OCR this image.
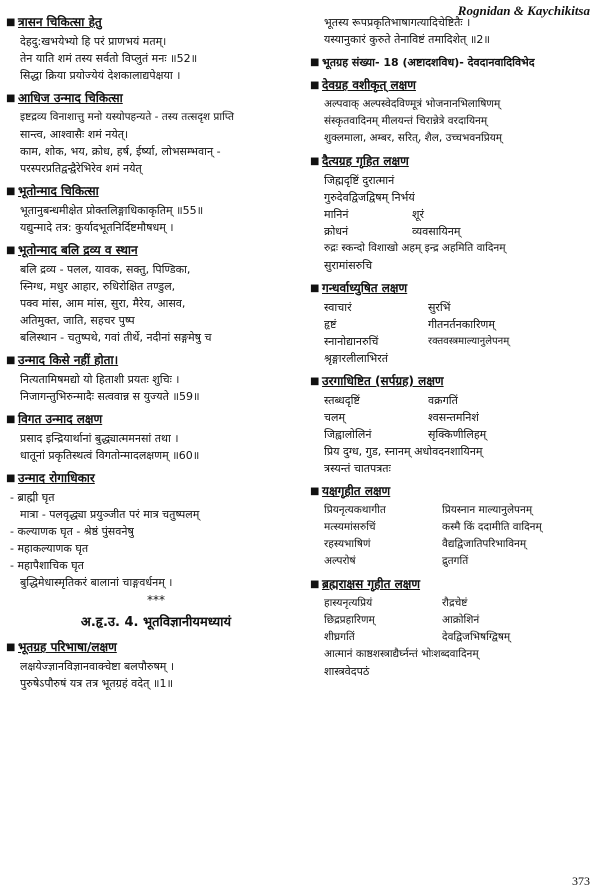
Rognidan & Kaychikitsa
■ त्रासन चिकित्सा हेतु
देहदु:खभयेभ्यो हि परं प्राणभयं मतम्।
तेन याति शमं तस्य सर्वतो विप्लुतं मनः ॥52॥
सिद्धा क्रिया प्रयोज्येयं देशकालाद्यपेक्षया ।
■ आधिज उन्माद चिकित्सा
इष्टद्रव्य विनाशात्तु मनो यस्योपहन्यते - तस्य तत्सदृश प्राप्ति
सान्त्व, आश्वासैः शमं नयेत्।
काम, शोक, भय, क्रोध, हर्ष, ईर्ष्या, लोभसम्भवान् -
परस्परप्रतिद्वन्द्वैरेभिरेव शमं नयेत्
■ भूतोन्माद चिकित्सा
भूतानुबन्धमीक्षेत प्रोक्तलिङ्गाधिकाकृतिम् ॥55॥
यद्युन्मादे तत्र: कुर्यादभूतनिर्दिष्टमौषधम् ।
■ भूतोन्माद बलि द्रव्य व स्थान
बलि द्रव्य - पलल, यावक, सक्तु, पिण्डिका,
स्निग्ध, मधुर आहार, रुधिरोक्षित तण्डुल,
पक्व मांस, आम मांस, सुरा, मैरेय, आसव,
अतिमुक्त, जाति, सहचर पुष्प
बलिस्थान - चतुष्पथे, गवां तीर्थे, नदीनां सङ्गमेषु च
■ उन्माद किसे नहीं होता।
नित्यतामिषमद्यो यो हिताशी प्रयतः शुचिः ।
निजागन्तुभिरुन्मादैः सत्ववान्न स युज्यते ॥59॥
■ विगत उन्माद लक्षण
प्रसाद इन्द्रियार्थानां बुद्ध्यात्ममनसां तथा ।
धातूनां प्रकृतिस्थत्वं विगतोन्मादलक्षणम् ॥60॥
■ उन्माद रोगाधिकार
- ब्राह्मी घृत
मात्रा - पलवृद्ध्या प्रयुञ्जीत परं मात्र चतुष्पलम्
- कल्याणक घृत - श्रेष्ठं पुंसवनेषु
- महाकल्याणक घृत
- महापैशाचिक घृत
बुद्धिमेधास्मृतिकरं बालानां चाङ्गवर्धनम् ।
***
अ.हृ.उ. 4. भूतविज्ञानीयमध्यायं
■ भूतग्रह परिभाषा/लक्षण
लक्षयेज्ज्ञानविज्ञानवाक्चेष्टा बलपौरुषम् ।
पुरुषेऽपौरुषं यत्र तत्र भूतग्रहं वदेत् ॥1॥
भूतस्य रूपप्रकृतिभाषागत्यादिचेष्टितैः ।
यस्यानुकारं कुरुते तेनाविष्टं तमादिशेत् ॥2॥
■ भूतग्रह संख्या- 18 (अष्टादशविध)- देवदानवादिविभेद
■ देवग्रह वशीकृत् लक्षण
अल्पवाक् अल्पस्वेदविण्मूत्रं भोजनानभिलाषिणम्
संस्कृतवादिनम् मीलयन्तं चिरान्नेत्रे वरदायिनम्
शुक्लमाला, अम्बर, सरित्, शैल, उच्चभवनप्रियम्
■ दैत्यग्रह गृहित लक्षण
जिह्मदृष्टिं दुरात्मानं
गुरुदेवद्विजद्विषम् निर्भयं
मानिनं	शूरं
क्रोधनं	व्यवसायिनम्
रुद्रः स्कन्दो विशाखो अहम् इन्द्र अहमिति वादिनम्
सुरामांसरुचि
■ गन्धर्वाध्युषित लक्षण
स्वाचारं	सुरभिं
हृष्टं	गीतनर्तनकारिणम्
स्नानोद्यानरुचिं	रक्तवस्त्रमाल्यानुलेपनम्
श्रृङ्गारलीलाभिरतं
■ उरगाधिष्टित (सर्पग्रह) लक्षण
स्तब्धदृष्टिं	वक्रगतिं
चलम्	श्वसन्तमनिशं
जिह्वालोलिनं	सृक्किणीलिहम्
प्रिय दुग्ध, गुड, स्नानम् अधोवदनशायिनम्
त्रस्यन्तं चातपत्रतः
■ यक्षगृहीत लक्षण
प्रियनृत्यकथागीत	प्रियस्नान माल्यानुलेपनम्
मत्स्यमांसरुचिं	कस्मै किं ददामीति वादिनम्
रहस्यभाषिणं	वैद्यद्विजातिपरिभाविनम्
अल्परोषं	द्रुतगतिं
■ ब्रह्मराक्षस गृहीत लक्षण
हास्यनृत्यप्रियं	रौद्रचेष्टं
छिद्रप्रहारिणम्	आक्रोशिनं
शीघ्रगतिं	देवद्विजभिषग्द्विषम्
आत्मानं काष्ठशस्त्राद्यैर्घ्नन्तं भोःशब्दवादिनम्
शास्त्रवेदपठं
373
